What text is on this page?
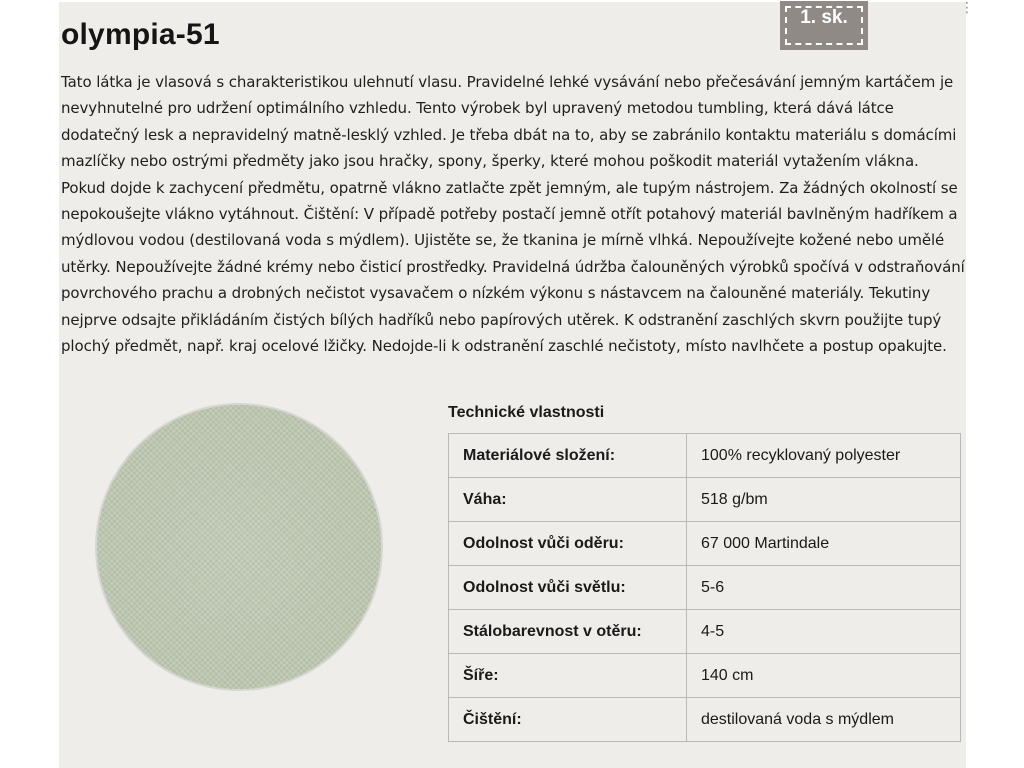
1. sk.	⋮
olympia-51

Tato látka je vlasová s charakteristikou ulehnutí vlasu. Pravidelné lehké vysávání nebo přečesávání jemným kartáčem je nevyhnutelné pro udržení optimálního vzhledu. Tento výrobek byl upravený metodou tumbling, která dává látce dodatečný lesk a nepravidelný matně-lesklý vzhled. Je třeba dbát na to, aby se zabránilo kontaktu materiálu s domácími mazlíčky nebo ostrými předměty jako jsou hračky, spony, šperky, které mohou poškodit materiál vytažením vlákna. Pokud dojde k zachycení předmětu, opatrně vlákno zatlačte zpět jemným, ale tupým nástrojem. Za žádných okolností se nepokoušejte vlákno vytáhnout. Čištění: V případě potřeby postačí jemně otřít potahový materiál bavlněným hadříkem a mýdlovou vodou (destilovaná voda s mýdlem). Ujistěte se, že tkanina je mírně vlhká. Nepoužívejte kožené nebo umělé utěrky. Nepoužívejte žádné krémy nebo čisticí prostředky. Pravidelná údržba čalouněných výrobků spočívá v odstraňování povrchového prachu a drobných nečistot vysavačem o nízkém výkonu s nástavcem na čalouněné materiály. Tekutiny nejprve odsajte přikládáním čistých bílých hadříků nebo papírových utěrek. K odstranění zaschlých skvrn použijte tupý plochý předmět, např. kraj ocelové lžičky. Nedojde-li k odstranění zaschlé nečistoty, místo navlhčete a postup opakujte.

Technické vlastnosti
Materiálové složení:	100% recyklovaný polyester
Váha:	518 g/bm
Odolnost vůči oděru:	67 000 Martindale
Odolnost vůči světlu:	5-6
Stálobarevnost v otěru:	4-5
Šíře:	140 cm
Čištění:	destilovaná voda s mýdlem
